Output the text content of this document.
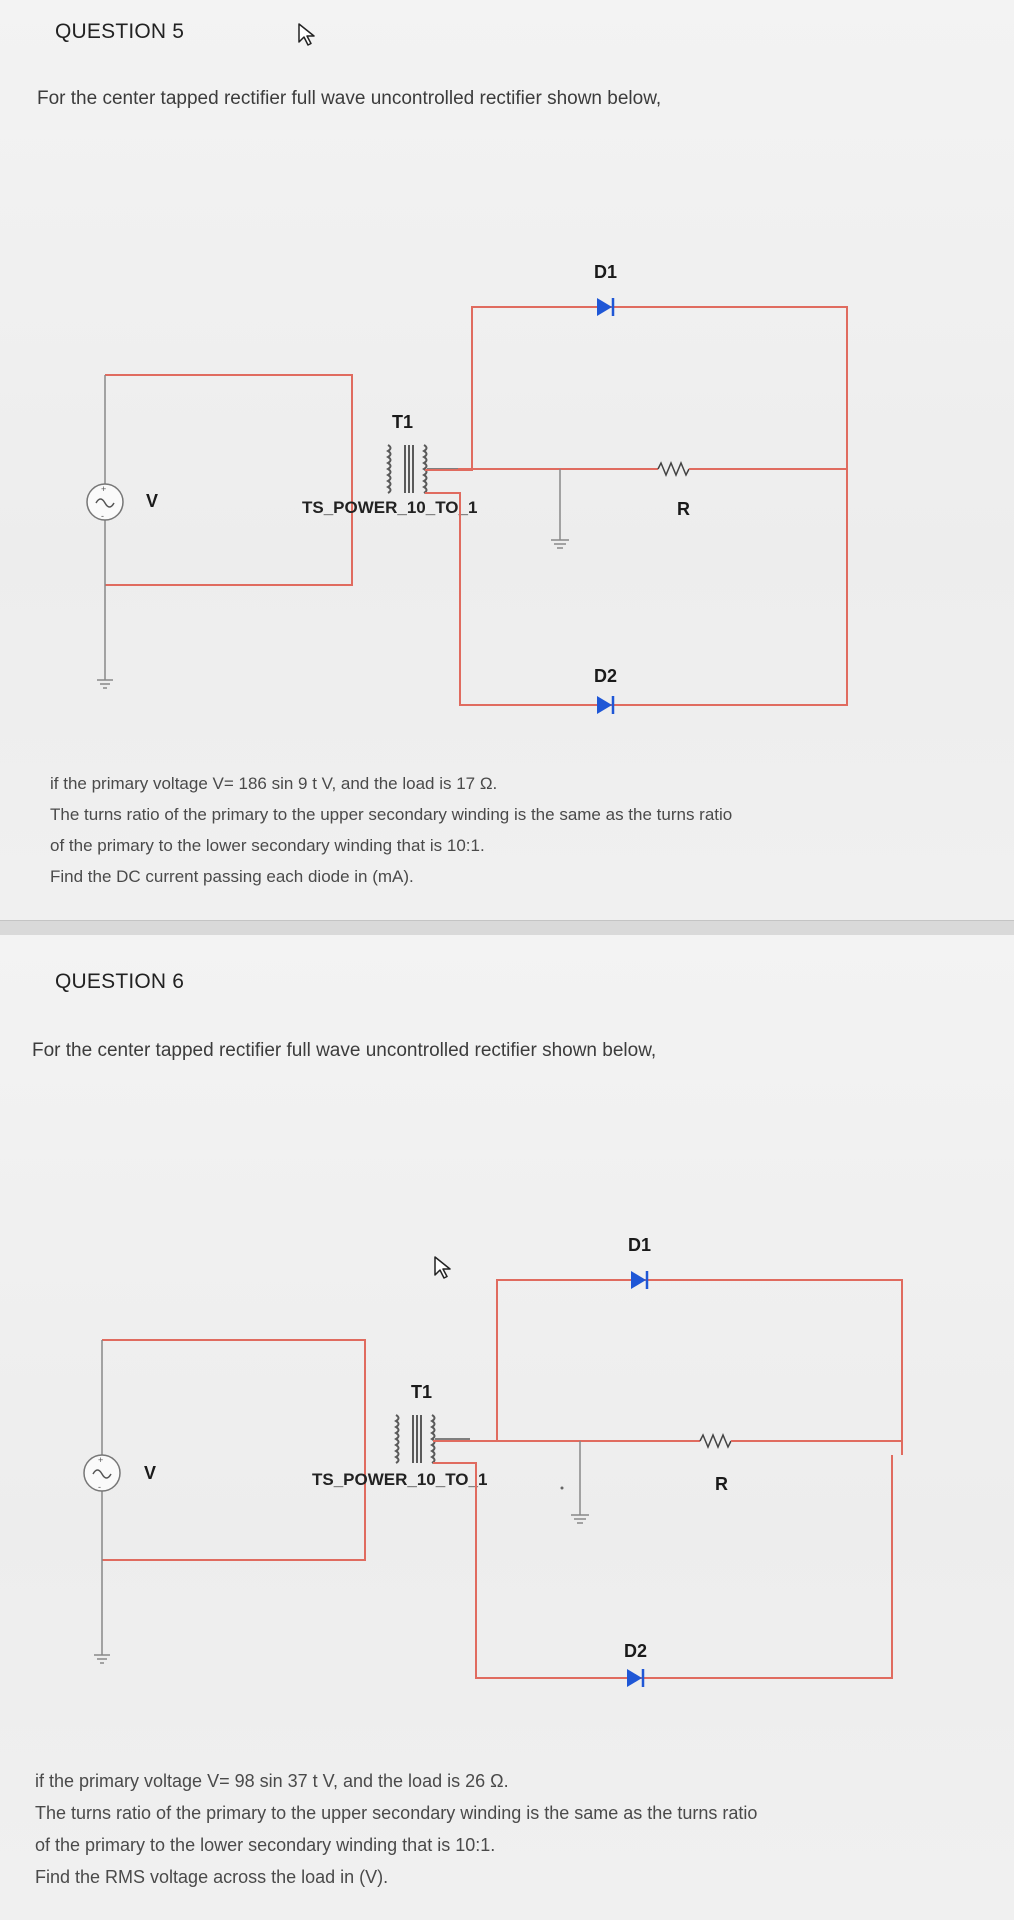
QUESTION 5
For the center tapped rectifier full wave uncontrolled rectifier shown below,
+
-
V
T1
TS_POWER_10_TO_1	R
D1
D2
if the primary voltage V= 186 sin 9 t V, and the load is 17 Ω.
The turns ratio of the primary to the upper secondary winding is the same as the turns ratio
of the primary to the lower secondary winding that is 10:1.
Find the DC current passing each diode in (mA).
QUESTION 6
For the center tapped rectifier full wave uncontrolled rectifier shown below,
+
-
V
T1
TS_POWER_10_TO_1	R
D1
D2
if the primary voltage V= 98 sin 37 t V, and the load is 26 Ω.
The turns ratio of the primary to the upper secondary winding is the same as the turns ratio
of the primary to the lower secondary winding that is 10:1.
Find the RMS voltage across the load in (V).
